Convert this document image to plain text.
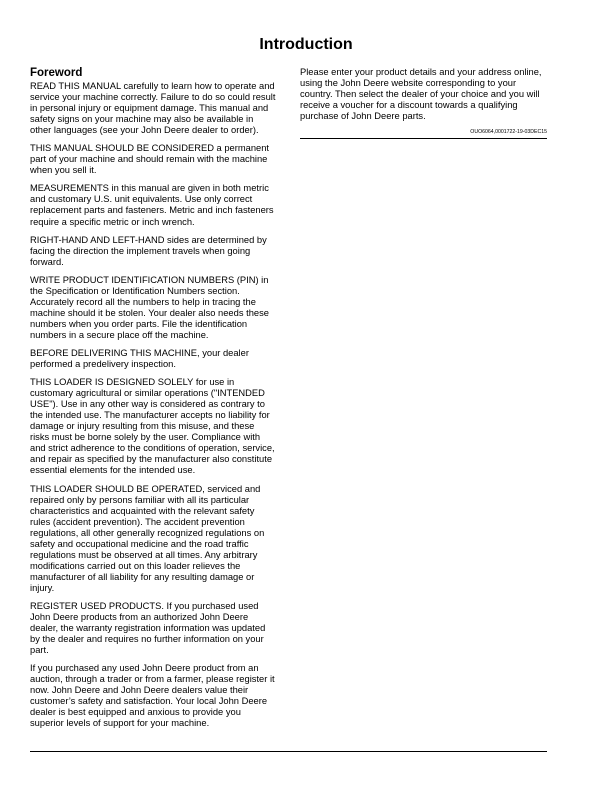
Introduction
Foreword

READ THIS MANUAL carefully to learn how to operate and service your machine correctly. Failure to do so could result in personal injury or equipment damage. This manual and safety signs on your machine may also be available in other languages (see your John Deere dealer to order).

THIS MANUAL SHOULD BE CONSIDERED a permanent part of your machine and should remain with the machine when you sell it.

MEASUREMENTS in this manual are given in both metric and customary U.S. unit equivalents. Use only correct replacement parts and fasteners. Metric and inch fasteners require a specific metric or inch wrench.

RIGHT-HAND AND LEFT-HAND sides are determined by facing the direction the implement travels when going forward.

WRITE PRODUCT IDENTIFICATION NUMBERS (PIN) in the Specification or Identification Numbers section. Accurately record all the numbers to help in tracing the machine should it be stolen. Your dealer also needs these numbers when you order parts. File the identification numbers in a secure place off the machine.

BEFORE DELIVERING THIS MACHINE, your dealer performed a predelivery inspection.

THIS LOADER IS DESIGNED SOLELY for use in customary agricultural or similar operations ("INTENDED USE"). Use in any other way is considered as contrary to the intended use. The manufacturer accepts no liability for damage or injury resulting from this misuse, and these risks must be borne solely by the user. Compliance with and strict adherence to the conditions of operation, service, and repair as specified by the manufacturer also constitute essential elements for the intended use.

THIS LOADER SHOULD BE OPERATED, serviced and repaired only by persons familiar with all its particular characteristics and acquainted with the relevant safety rules (accident prevention). The accident prevention regulations, all other generally recognized regulations on safety and occupational medicine and the road traffic regulations must be observed at all times. Any arbitrary modifications carried out on this loader relieves the manufacturer of all liability for any resulting damage or injury.

REGISTER USED PRODUCTS. If you purchased used John Deere products from an authorized John Deere dealer, the warranty registration information was updated by the dealer and requires no further information on your part.

If you purchased any used John Deere product from an auction, through a trader or from a farmer, please register it now. John Deere and John Deere dealers value their customer’s safety and satisfaction. Your local John Deere dealer is best equipped and anxious to provide you superior levels of support for your machine.

Please enter your product details and your address online, using the John Deere website corresponding to your country. Then select the dealer of your choice and you will receive a voucher for a discount towards a qualifying purchase of John Deere parts.

OUO6064,0001722-19-03DEC15
